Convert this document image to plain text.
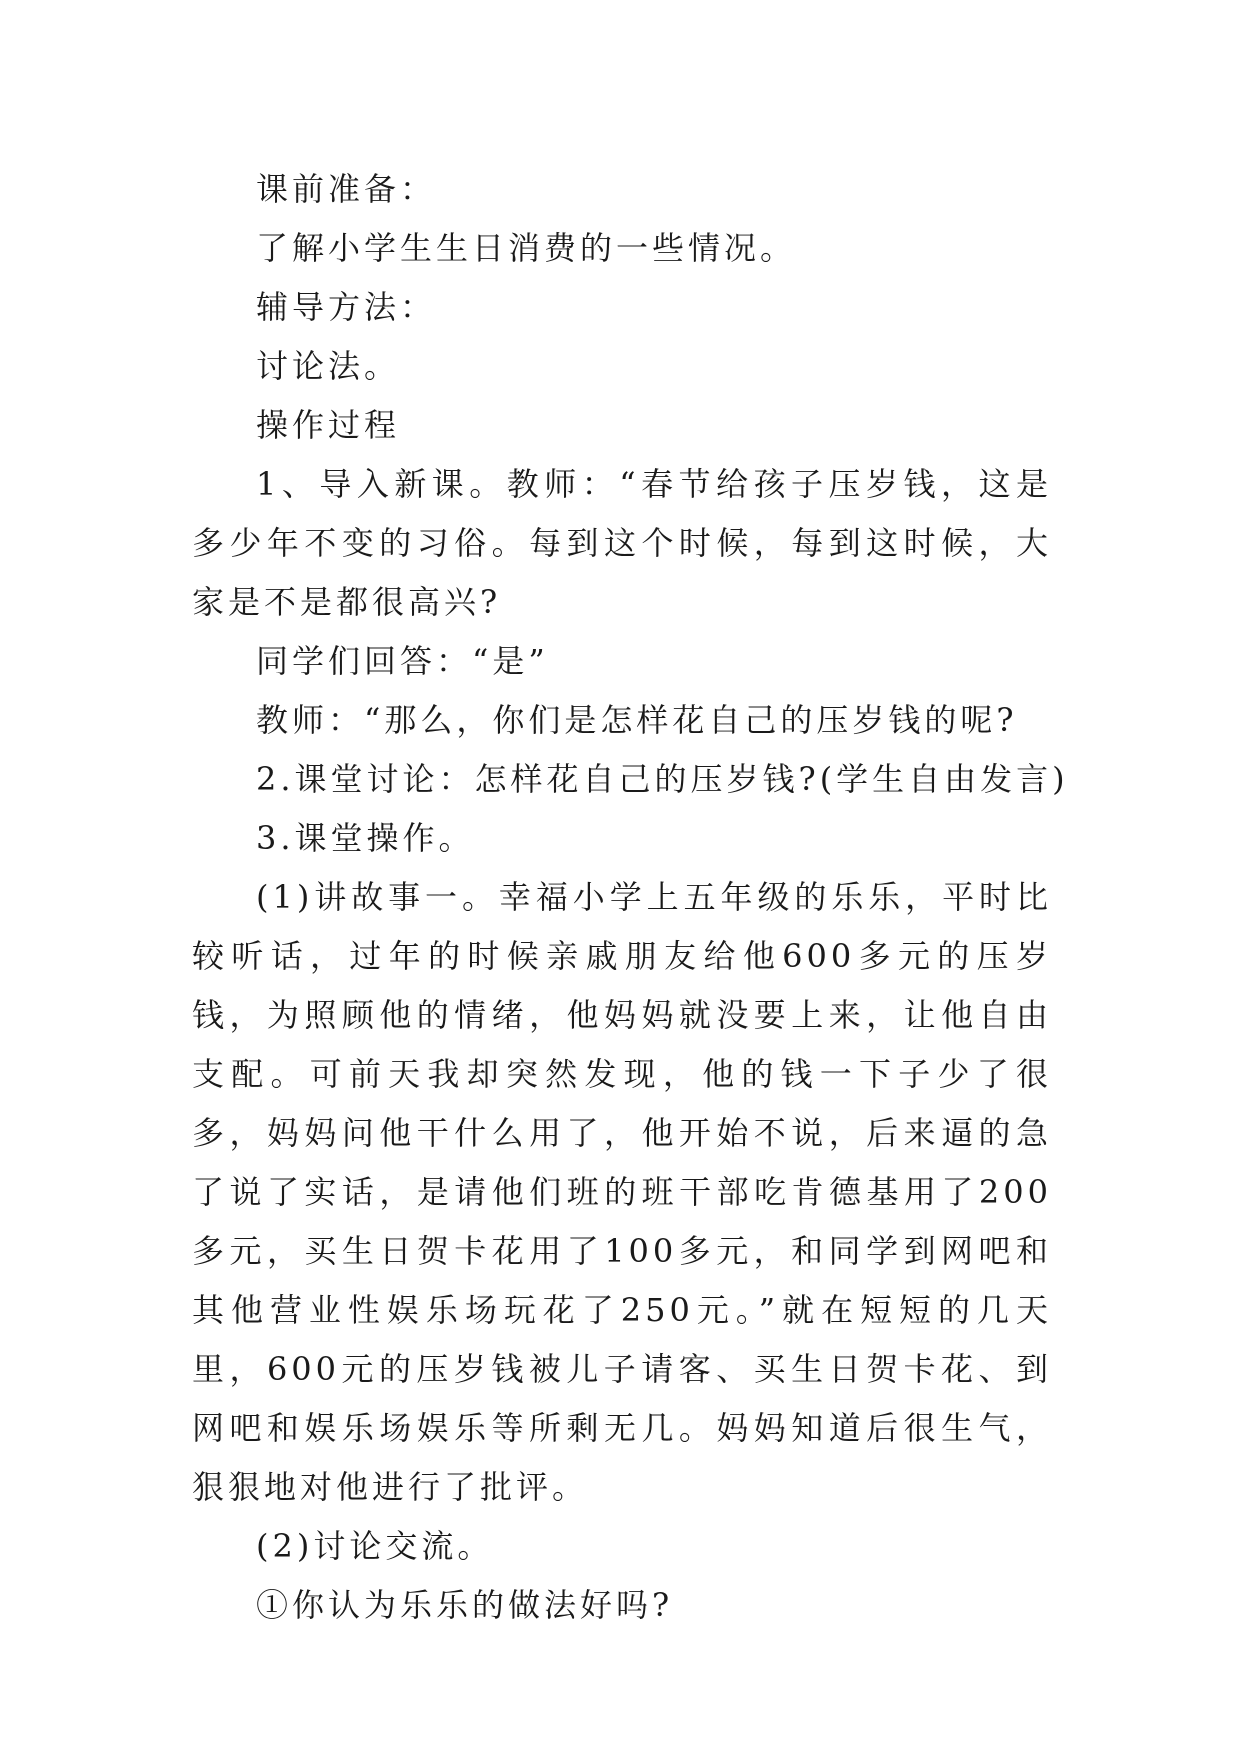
课前准备：

了解小学生生日消费的一些情况。

辅导方法：

讨论法。

操作过程

1、导入新课。教师：“春节给孩子压岁钱，这是多少年不变的习俗。每到这个时候，每到这时候，大家是不是都很高兴?

同学们回答：“是”

教师：“那么，你们是怎样花自己的压岁钱的呢?

2.课堂讨论：怎样花自己的压岁钱?(学生自由发言)

3.课堂操作。

(1)讲故事一。幸福小学上五年级的乐乐，平时比较听话，过年的时候亲戚朋友给他600多元的压岁钱，为照顾他的情绪，他妈妈就没要上来，让他自由支配。可前天我却突然发现，他的钱一下子少了很多，妈妈问他干什么用了，他开始不说，后来逼的急了说了实话，是请他们班的班干部吃肯德基用了200多元，买生日贺卡花用了100多元，和同学到网吧和其他营业性娱乐场玩花了250元。”就在短短的几天里，600元的压岁钱被儿子请客、买生日贺卡花、到网吧和娱乐场娱乐等所剩无几。妈妈知道后很生气，狠狠地对他进行了批评。

(2)讨论交流。

①你认为乐乐的做法好吗?
